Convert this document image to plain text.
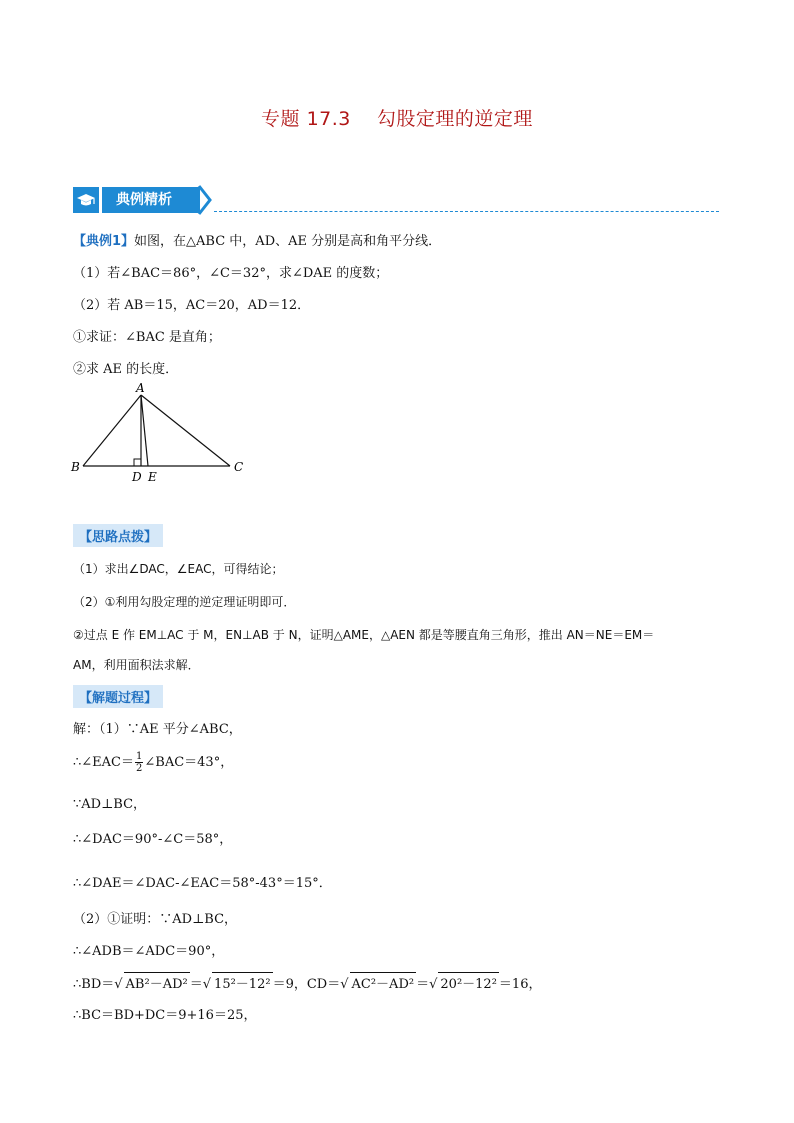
专题 17.3　 勾股定理的逆定理
典例精析
【典例1】如图，在△ABC 中，AD、AE 分别是高和角平分线．
（1）若∠BAC＝86°，∠C＝32°，求∠DAE 的度数；
（2）若 AB＝15，AC＝20，AD＝12．
①求证：∠BAC 是直角；
②求 AE 的长度．
A
B	C
D E
【思路点拨】
（1）求出∠DAC，∠EAC，可得结论；
（2）①利用勾股定理的逆定理证明即可．
②过点 E 作 EM⊥AC 于 M，EN⊥AB 于 N，证明△AME，△AEN 都是等腰直角三角形，推出 AN＝NE＝EM＝
AM，利用面积法求解．
【解题过程】
解：（1）∵AE 平分∠ABC，
∴∠EAC＝ $\frac{1}{2}$ ∠BAC＝43°，
∵AD⊥BC，
∴∠DAC＝90°-∠C＝58°，
∴∠DAE＝∠DAC-∠EAC＝58°-43°＝15°．
（2）①证明：∵AD⊥BC，
∴∠ADB＝∠ADC＝90°，
∴BD＝√ AB²－AD² ＝√ 15²－12² ＝9，CD＝√ AC²－AD² ＝√ 20²－12² ＝16，
∴BC＝BD+DC＝9+16＝25，
